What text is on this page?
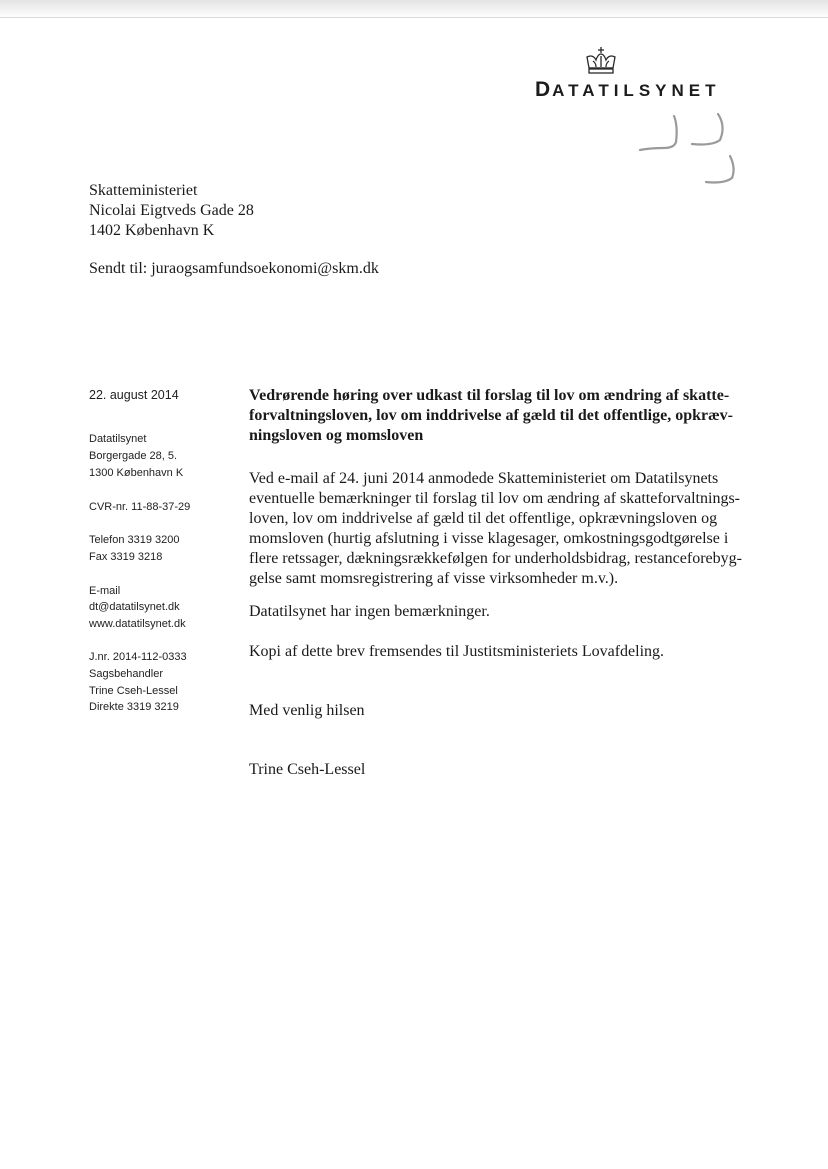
DATATILSYNET
Skatteministeriet
Nicolai Eigtveds Gade 28
1402 København K
Sendt til: juraogsamfundsoekonomi@skm.dk
22. august 2014
Datatilsynet
Borgergade 28, 5.
1300 København K
CVR-nr. 11-88-37-29
Telefon 3319 3200
Fax 3319 3218
E-mail
dt@datatilsynet.dk
www.datatilsynet.dk
J.nr. 2014-112-0333
Sagsbehandler
Trine Cseh-Lessel
Direkte 3319 3219
Vedrørende høring over udkast til forslag til lov om ændring af skatte-
forvaltningsloven, lov om inddrivelse af gæld til det offentlige, opkræv-
ningsloven og momsloven
Ved e-mail af 24. juni 2014 anmodede Skatteministeriet om Datatilsynets
eventuelle bemærkninger til forslag til lov om ændring af skatteforvaltnings-
loven, lov om inddrivelse af gæld til det offentlige, opkrævningsloven og
momsloven (hurtig afslutning i visse klagesager, omkostningsgodtgørelse i
flere retssager, dækningsrækkefølgen for underholdsbidrag, restanceforebyg-
gelse samt momsregistrering af visse virksomheder m.v.).
Datatilsynet har ingen bemærkninger.
Kopi af dette brev fremsendes til Justitsministeriets Lovafdeling.
Med venlig hilsen
Trine Cseh-Lessel
